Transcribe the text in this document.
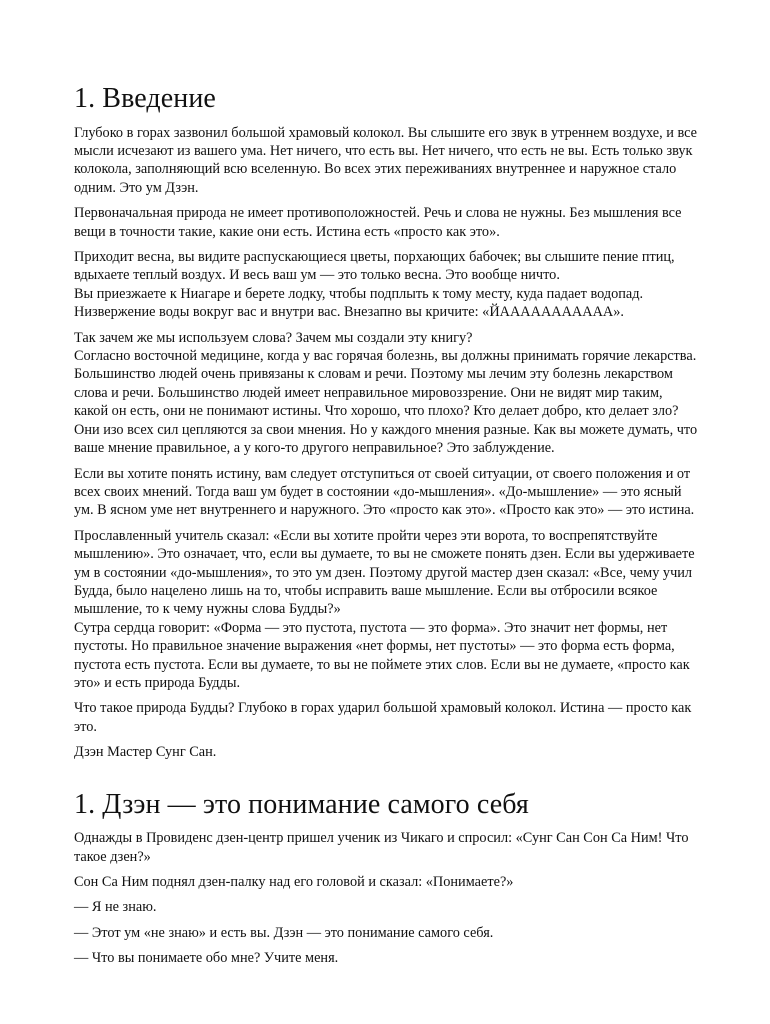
1. Введение

Глубоко в горах зазвонил большой храмовый колокол. Вы слышите его звук в утреннем воздухе, и все мысли исчезают из вашего ума. Нет ничего, что есть вы. Нет ничего, что есть не вы. Есть только звук колокола, заполняющий всю вселенную. Во всех этих переживаниях внутреннее и наружное стало одним. Это ум Дзэн.

Первоначальная природа не имеет противоположностей. Речь и слова не нужны. Без мышления все вещи в точности такие, какие они есть. Истина есть «просто как это».

Приходит весна, вы видите распускающиеся цветы, порхающих бабочек; вы слышите пение птиц, вдыхаете теплый воздух. И весь ваш ум — это только весна. Это вообще ничто.
Вы приезжаете к Ниагаре и берете лодку, чтобы подплыть к тому месту, куда падает водопад. Низвержение воды вокруг вас и внутри вас. Внезапно вы кричите: «ЙААААААААААА».

Так зачем же мы используем слова? Зачем мы создали эту книгу?
Согласно восточной медицине, когда у вас горячая болезнь, вы должны принимать горячие лекарства. Большинство людей очень привязаны к словам и речи. Поэтому мы лечим эту болезнь лекарством слова и речи. Большинство людей имеет неправильное мировоззрение. Они не видят мир таким, какой он есть, они не понимают истины. Что хорошо, что плохо? Кто делает добро, кто делает зло? Они изо всех сил цепляются за свои мнения. Но у каждого мнения разные. Как вы можете думать, что ваше мнение правильное, а у кого-то другого неправильное? Это заблуждение.

Если вы хотите понять истину, вам следует отступиться от своей ситуации, от своего положения и от всех своих мнений. Тогда ваш ум будет в состоянии «до-мышления». «До-мышление» — это ясный ум. В ясном уме нет внутреннего и наружного. Это «просто как это». «Просто как это» — это истина.

Прославленный учитель сказал: «Если вы хотите пройти через эти ворота, то воспрепятствуйте мышлению». Это означает, что, если вы думаете, то вы не сможете понять дзен. Если вы удерживаете ум в состоянии «до-мышления», то это ум дзен. Поэтому другой мастер дзен сказал: «Все, чему учил Будда, было нацелено лишь на то, чтобы исправить ваше мышление. Если вы отбросили всякое мышление, то к чему нужны слова Будды?»
Сутра сердца говорит: «Форма — это пустота, пустота — это форма». Это значит нет формы, нет пустоты. Но правильное значение выражения «нет формы, нет пустоты» — это форма есть форма, пустота есть пустота. Если вы думаете, то вы не поймете этих слов. Если вы не думаете, «просто как это» и есть природа Будды.

Что такое природа Будды? Глубоко в горах ударил большой храмовый колокол. Истина — просто как это.

Дзэн Мастер Сунг Сан.

1. Дзэн — это понимание самого себя

Однажды в Провиденс дзен-центр пришел ученик из Чикаго и спросил: «Сунг Сан Сон Са Ним! Что такое дзен?»

Сон Са Ним поднял дзен-палку над его головой и сказал: «Понимаете?»

— Я не знаю.

— Этот ум «не знаю» и есть вы. Дзэн — это понимание самого себя.

— Что вы понимаете обо мне? Учите меня.
